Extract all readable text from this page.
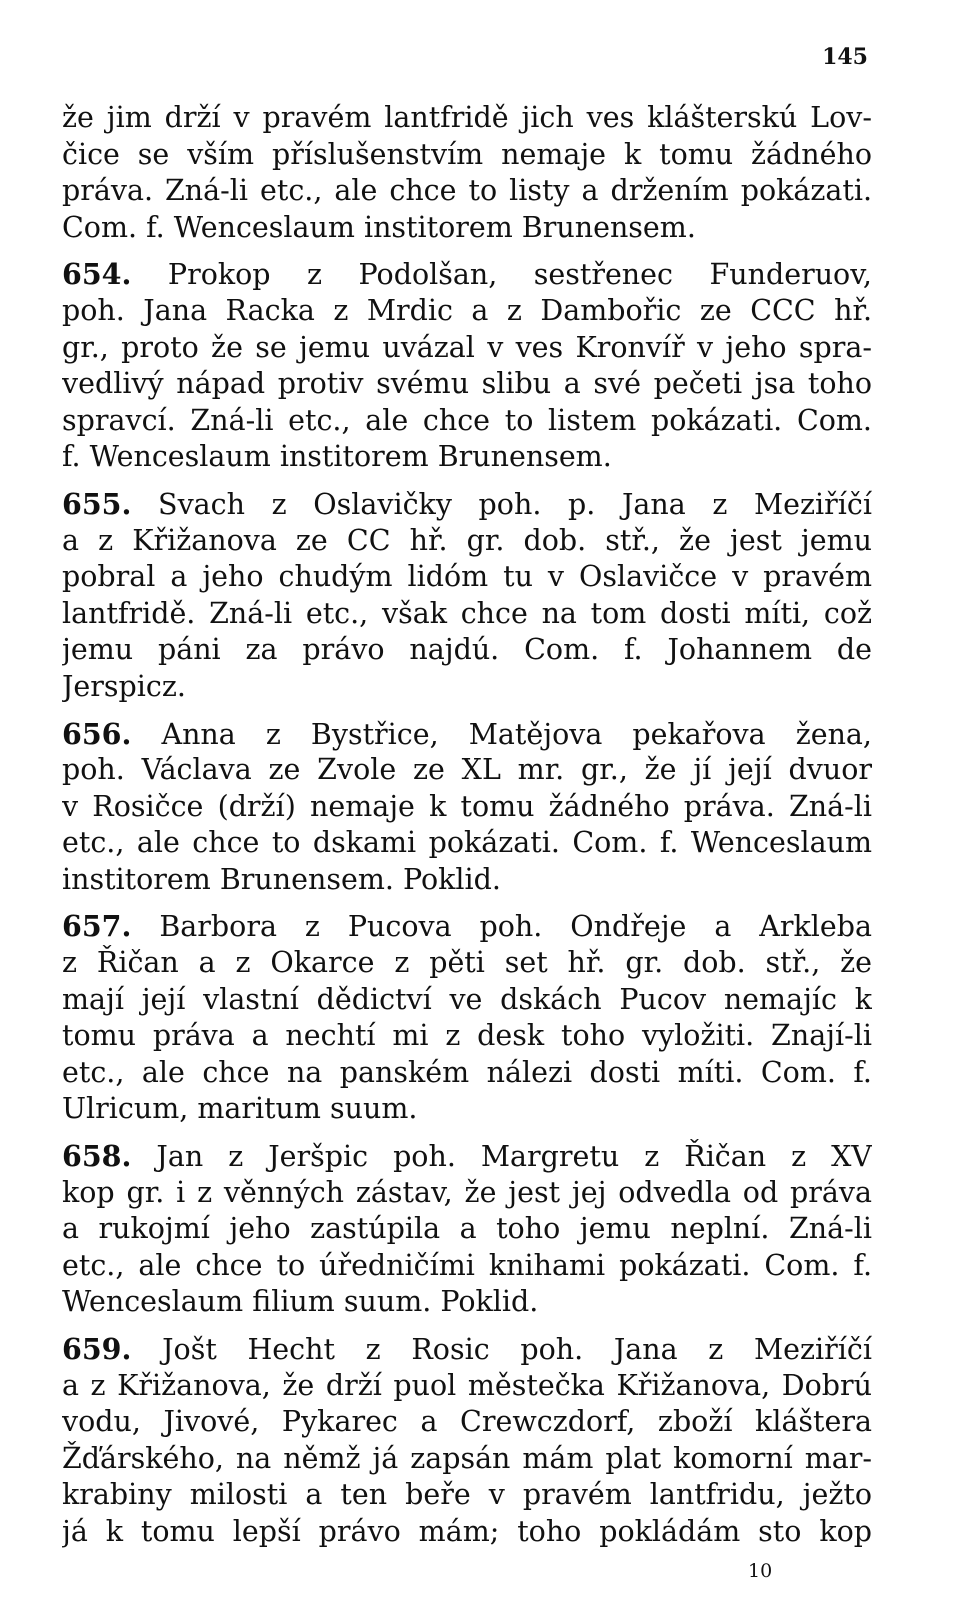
145
že jim drží v pravém lantfridě jich ves klášterskú Lov-
čice se vším příslušenstvím nemaje k tomu žádného
práva. Zná-li etc., ale chce to listy a držením pokázati.
Com. f. Wenceslaum institorem Brunensem.
654. Prokop z Podolšan, sestřenec Funderuov,
poh. Jana Racka z Mrdic a z Dambořic ze CCC hř.
gr., proto že se jemu uvázal v ves Kronvíř v jeho spra-
vedlivý nápad protiv svému slibu a své pečeti jsa toho
spravcí. Zná-li etc., ale chce to listem pokázati. Com.
f. Wenceslaum institorem Brunensem.
655. Svach z Oslavičky poh. p. Jana z Meziříčí
a z Křižanova ze CC hř. gr. dob. stř., že jest jemu
pobral a jeho chudým lidóm tu v Oslavičce v pravém
lantfridě. Zná-li etc., však chce na tom dosti míti, což
jemu páni za právo najdú. Com. f. Johannem de
Jerspicz.
656. Anna z Bystřice, Matějova pekařova žena,
poh. Václava ze Zvole ze XL mr. gr., že jí její dvuor
v Rosičce (drží) nemaje k tomu žádného práva. Zná-li
etc., ale chce to dskami pokázati. Com. f. Wenceslaum
institorem Brunensem. Poklid.
657. Barbora z Pucova poh. Ondřeje a Arkleba
z Řičan a z Okarce z pěti set hř. gr. dob. stř., že
mají její vlastní dědictví ve dskách Pucov nemajíc k
tomu práva a nechtí mi z desk toho vyložiti. Znají-li
etc., ale chce na panském nálezi dosti míti. Com. f.
Ulricum, maritum suum.
658. Jan z Jeršpic poh. Margretu z Řičan z XV
kop gr. i z věnných zástav, že jest jej odvedla od práva
a rukojmí jeho zastúpila a toho jemu neplní. Zná-li
etc., ale chce to úředničími knihami pokázati. Com. f.
Wenceslaum filium suum. Poklid.
659. Jošt Hecht z Rosic poh. Jana z Meziříčí
a z Křižanova, že drží puol městečka Křižanova, Dobrú
vodu, Jivové, Pykarec a Crewczdorf, zboží kláštera
Žďárského, na němž já zapsán mám plat komorní mar-
krabiny milosti a ten beře v pravém lantfridu, ježto
já k tomu lepší právo mám; toho pokládám sto kop
10
